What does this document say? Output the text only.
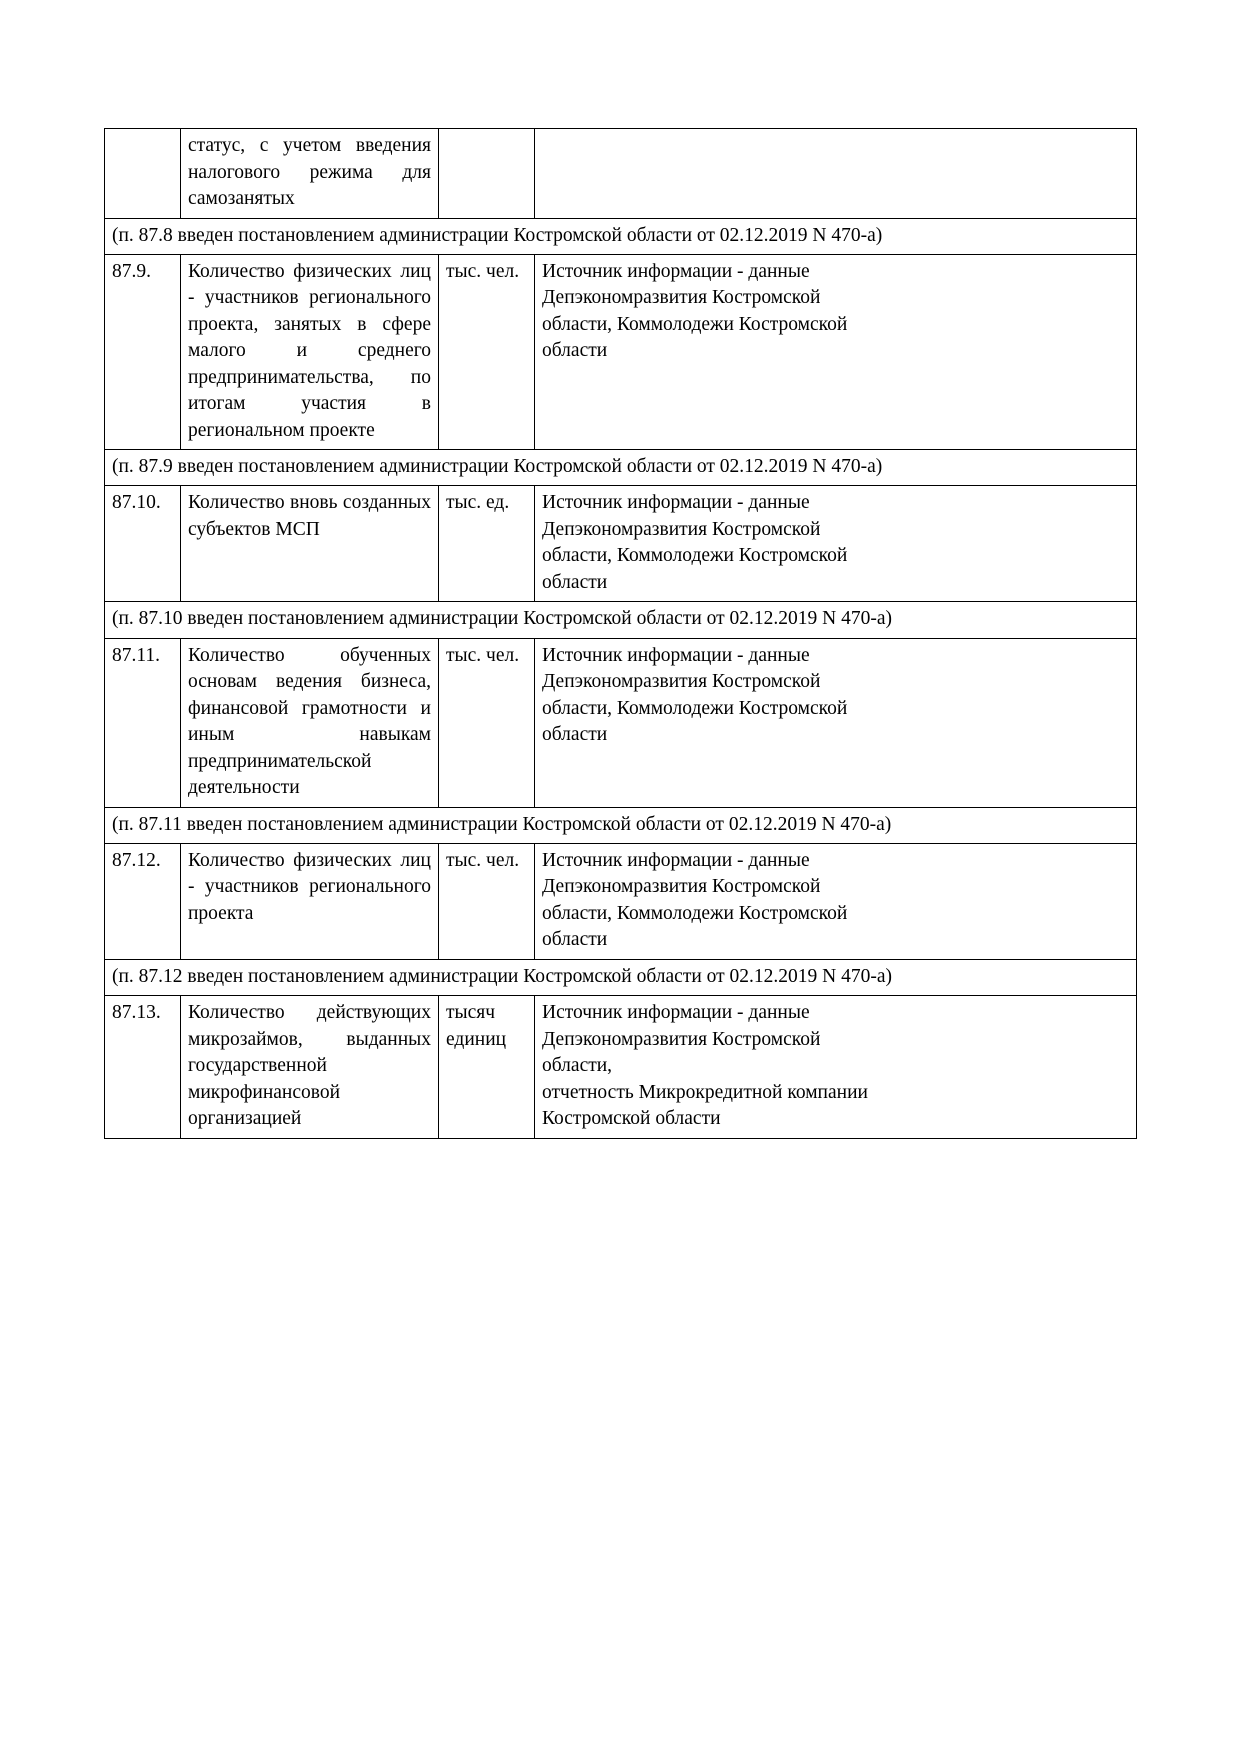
	статус, с учетом введения налогового режима для самозанятых		

(п. 87.8 введен постановлением администрации Костромской области от 02.12.2019 N 470-а)			
87.9.	Количество физических лиц - участников регионального проекта, занятых в сфере малого и среднего предпринимательства, по итогам участия в региональном проекте	тыс. чел.	Источник информации - данные

Депэкономразвития Костромской

области, Коммолодежи Костромской

области

(п. 87.9 введен постановлением администрации Костромской области от 02.12.2019 N 470-а)			
87.10.	Количество вновь созданных субъектов МСП	тыс. ед.	Источник информации - данные

Депэкономразвития Костромской

области, Коммолодежи Костромской

области

(п. 87.10 введен постановлением администрации Костромской области от 02.12.2019 N 470-а)			
87.11.	Количество обученных основам ведения бизнеса, финансовой грамотности и иным навыкам предпринимательской деятельности	тыс. чел.	Источник информации - данные

Депэкономразвития Костромской

области, Коммолодежи Костромской

области

(п. 87.11 введен постановлением администрации Костромской области от 02.12.2019 N 470-а)			
87.12.	Количество физических лиц - участников регионального проекта	тыс. чел.	Источник информации - данные

Депэкономразвития Костромской

области, Коммолодежи Костромской

области

(п. 87.12 введен постановлением администрации Костромской области от 02.12.2019 N 470-а)			
87.13.	Количество действующих микрозаймов, выданных государственной микрофинансовой организацией	тысяч единиц	Источник информации - данные

Депэкономразвития Костромской

области,

отчетность Микрокредитной компании

Костромской области
